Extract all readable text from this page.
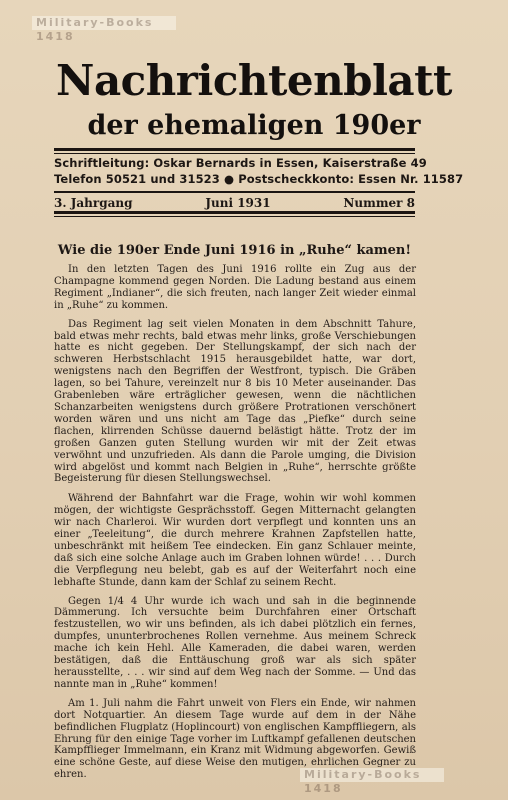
Military-Books 1418
Nachrichtenblatt
der ehemaligen 190er
Schriftleitung: Oskar Bernards in Essen, Kaiserstraße 49
Telefon 50521 und 31523 ● Postscheckkonto: Essen Nr. 11587
3. Jahrgang	Juni 1931	Nummer 8
Wie die 190er Ende Juni 1916 in „Ruhe“ kamen!

In den letzten Tagen des Juni 1916 rollte ein Zug aus der Champagne kommend gegen Norden. Die Ladung bestand aus einem Regiment „Indianer“, die sich freuten, nach langer Zeit wieder einmal in „Ruhe“ zu kommen.

Das Regiment lag seit vielen Monaten in dem Abschnitt Tahure, bald etwas mehr rechts, bald etwas mehr links, große Verschiebungen hatte es nicht gegeben. Der Stellungskampf, der sich nach der schweren Herbstschlacht 1915 herausgebildet hatte, war dort, wenigstens nach den Begriffen der Westfront, typisch. Die Gräben lagen, so bei Tahure, vereinzelt nur 8 bis 10 Meter auseinander. Das Grabenleben wäre erträglicher gewesen, wenn die nächtlichen Schanzarbeiten wenigstens durch größere Protrationen verschönert worden wären und uns nicht am Tage das „Piefke“ durch seine flachen, klirrenden Schüsse dauernd belästigt hätte. Trotz der im großen Ganzen guten Stellung wurden wir mit der Zeit etwas verwöhnt und unzufrieden. Als dann die Parole umging, die Division wird abgelöst und kommt nach Belgien in „Ruhe“, herrschte größte Begeisterung für diesen Stellungswechsel.

Während der Bahnfahrt war die Frage, wohin wir wohl kommen mögen, der wichtigste Gesprächsstoff. Gegen Mitternacht gelangten wir nach Charleroi. Wir wurden dort verpflegt und konnten uns an einer „Teeleitung“, die durch mehrere Krahnen Zapfstellen hatte, unbeschränkt mit heißem Tee eindecken. Ein ganz Schlauer meinte, daß sich eine solche Anlage auch im Graben lohnen würde! . . . Durch die Verpflegung neu belebt, gab es auf der Weiterfahrt noch eine lebhafte Stunde, dann kam der Schlaf zu seinem Recht.

Gegen 1/4 4 Uhr wurde ich wach und sah in die beginnende Dämmerung. Ich versuchte beim Durchfahren einer Ortschaft festzustellen, wo wir uns befinden, als ich dabei plötzlich ein fernes, dumpfes, ununterbrochenes Rollen vernehme. Aus meinem Schreck mache ich kein Hehl. Alle Kameraden, die dabei waren, werden bestätigen, daß die Enttäuschung groß war als sich später herausstellte, . . . wir sind auf dem Weg nach der Somme. — Und das nannte man in „Ruhe“ kommen!

Am 1. Juli nahm die Fahrt unweit von Flers ein Ende, wir nahmen dort Notquartier. An diesem Tage wurde auf dem in der Nähe befindlichen Flugplatz (Hoplincourt) von englischen Kampffliegern, als Ehrung für den einige Tage vorher im Luftkampf gefallenen deutschen Kampfflieger Immelmann, ein Kranz mit Widmung abgeworfen. Gewiß eine schöne Geste, auf diese Weise den mutigen, ehrlichen Gegner zu ehren.	Military-Books 1418
